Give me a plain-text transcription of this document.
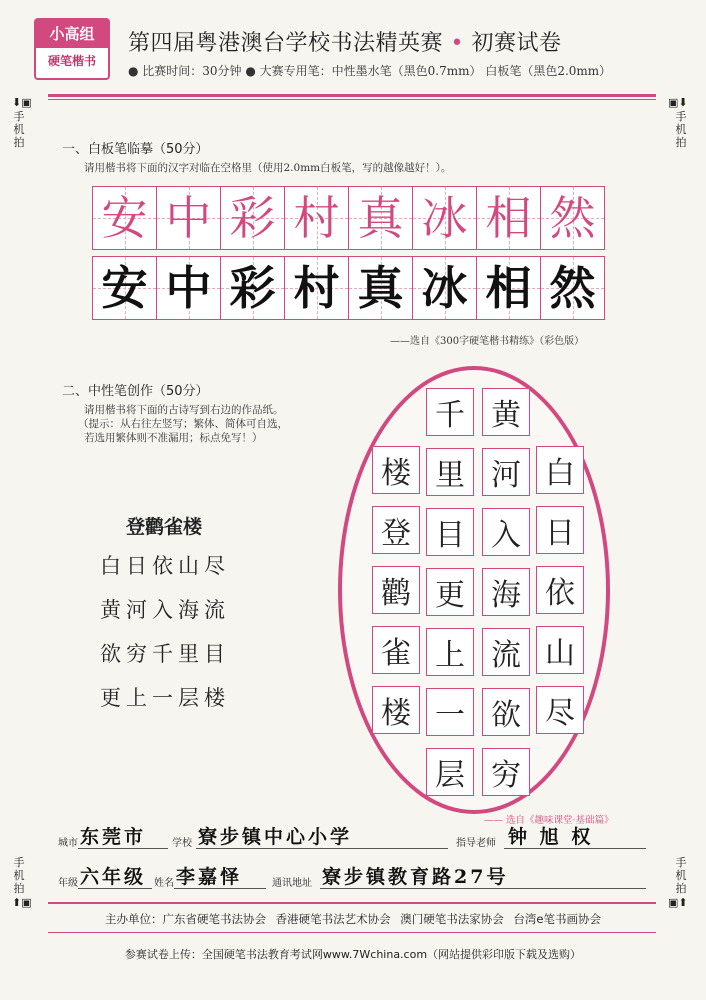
小高组
硬笔楷书
第四届粤港澳台学校书法精英赛 • 初赛试卷
● 比赛时间：30分钟 ● 大赛专用笔：中性墨水笔（黑色0.7mm） 白板笔（黑色2.0mm）
⬇▣
手机拍
▣⬇
手机拍
手机拍
⬆▣
手机拍
▣⬆
一、白板笔临摹（50分）
请用楷书将下面的汉字对临在空格里（使用2.0mm白板笔，写的越像越好！）。
安 中 彩 村 真 冰 相 然
安 中 彩 村 真 冰 相 然
——选自《300字硬笔楷书精练》（彩色版）
二、中性笔创作（50分）
请用楷书将下面的古诗写到右边的作品纸。
（提示：从右往左竖写；繁体、简体可自选，
若选用繁体则不准漏用；标点免写！）
登鹳雀楼
白日依山尽
黄河入海流
欲穷千里目
更上一层楼
白
日
依
山
尽
黄
河
入
海
流
欲
穷
千
里
目
更
上
一
层
楼
登
鹳
雀
楼
—— 选自《趣味课堂·基础篇》
城市 东莞市	学校 寮步镇中心小学	指导老师 钟 旭 权
年级 六年级 姓名 李嘉怿	通讯地址 寮步镇教育路27号
主办单位：广东省硬笔书法协会 香港硬笔书法艺术协会 澳门硬笔书法家协会 台湾e笔书画协会
参赛试卷上传：全国硬笔书法教育考试网www.7Wchina.com（网站提供彩印版下载及选购）
